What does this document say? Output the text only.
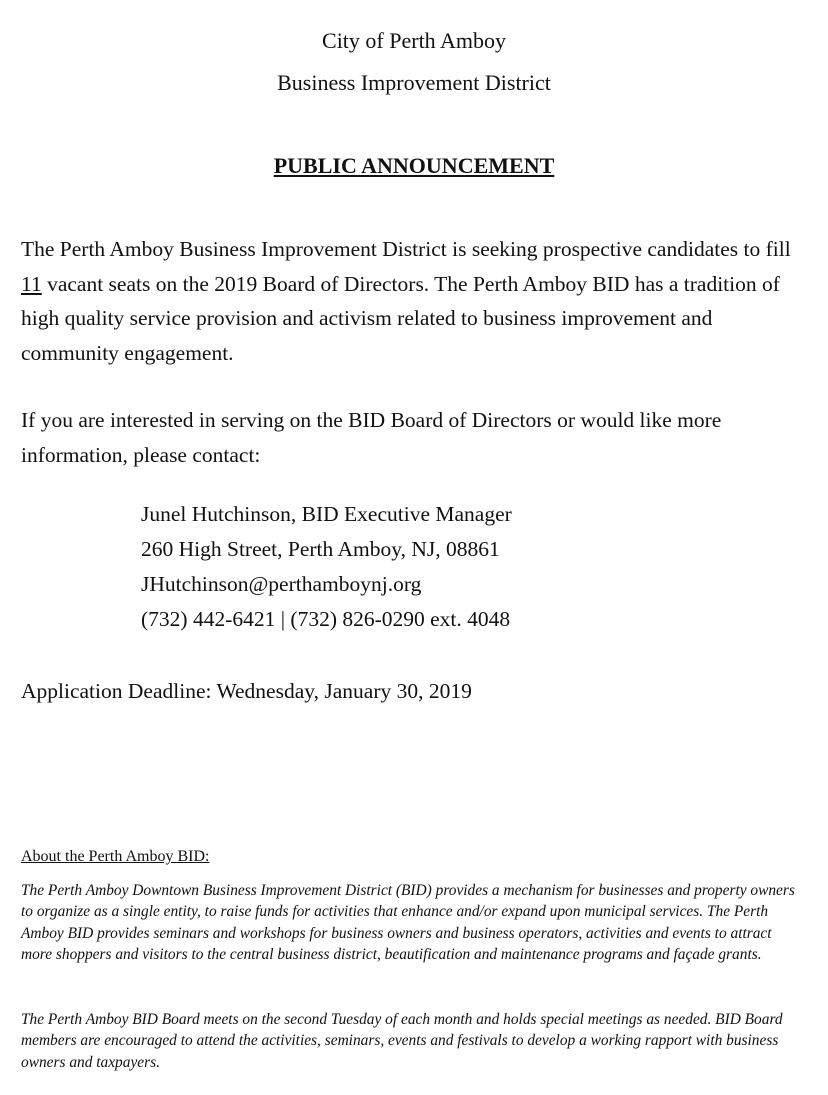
City of Perth Amboy
Business Improvement District
PUBLIC ANNOUNCEMENT

The Perth Amboy Business Improvement District is seeking prospective candidates to fill 11 vacant seats on the 2019 Board of Directors. The Perth Amboy BID has a tradition of high quality service provision and activism related to business improvement and community engagement.

If you are interested in serving on the BID Board of Directors or would like more information, please contact:

Junel Hutchinson, BID Executive Manager
260 High Street, Perth Amboy, NJ, 08861
JHutchinson@perthamboynj.org
(732) 442-6421 | (732) 826-0290 ext. 4048
Application Deadline: Wednesday, January 30, 2019
About the Perth Amboy BID:

The Perth Amboy Downtown Business Improvement District (BID) provides a mechanism for businesses and property owners to organize as a single entity, to raise funds for activities that enhance and/or expand upon municipal services. The Perth Amboy BID provides seminars and workshops for business owners and business operators, activities and events to attract more shoppers and visitors to the central business district, beautification and maintenance programs and façade grants.

The Perth Amboy BID Board meets on the second Tuesday of each month and holds special meetings as needed. BID Board members are encouraged to attend the activities, seminars, events and festivals to develop a working rapport with business owners and taxpayers.
